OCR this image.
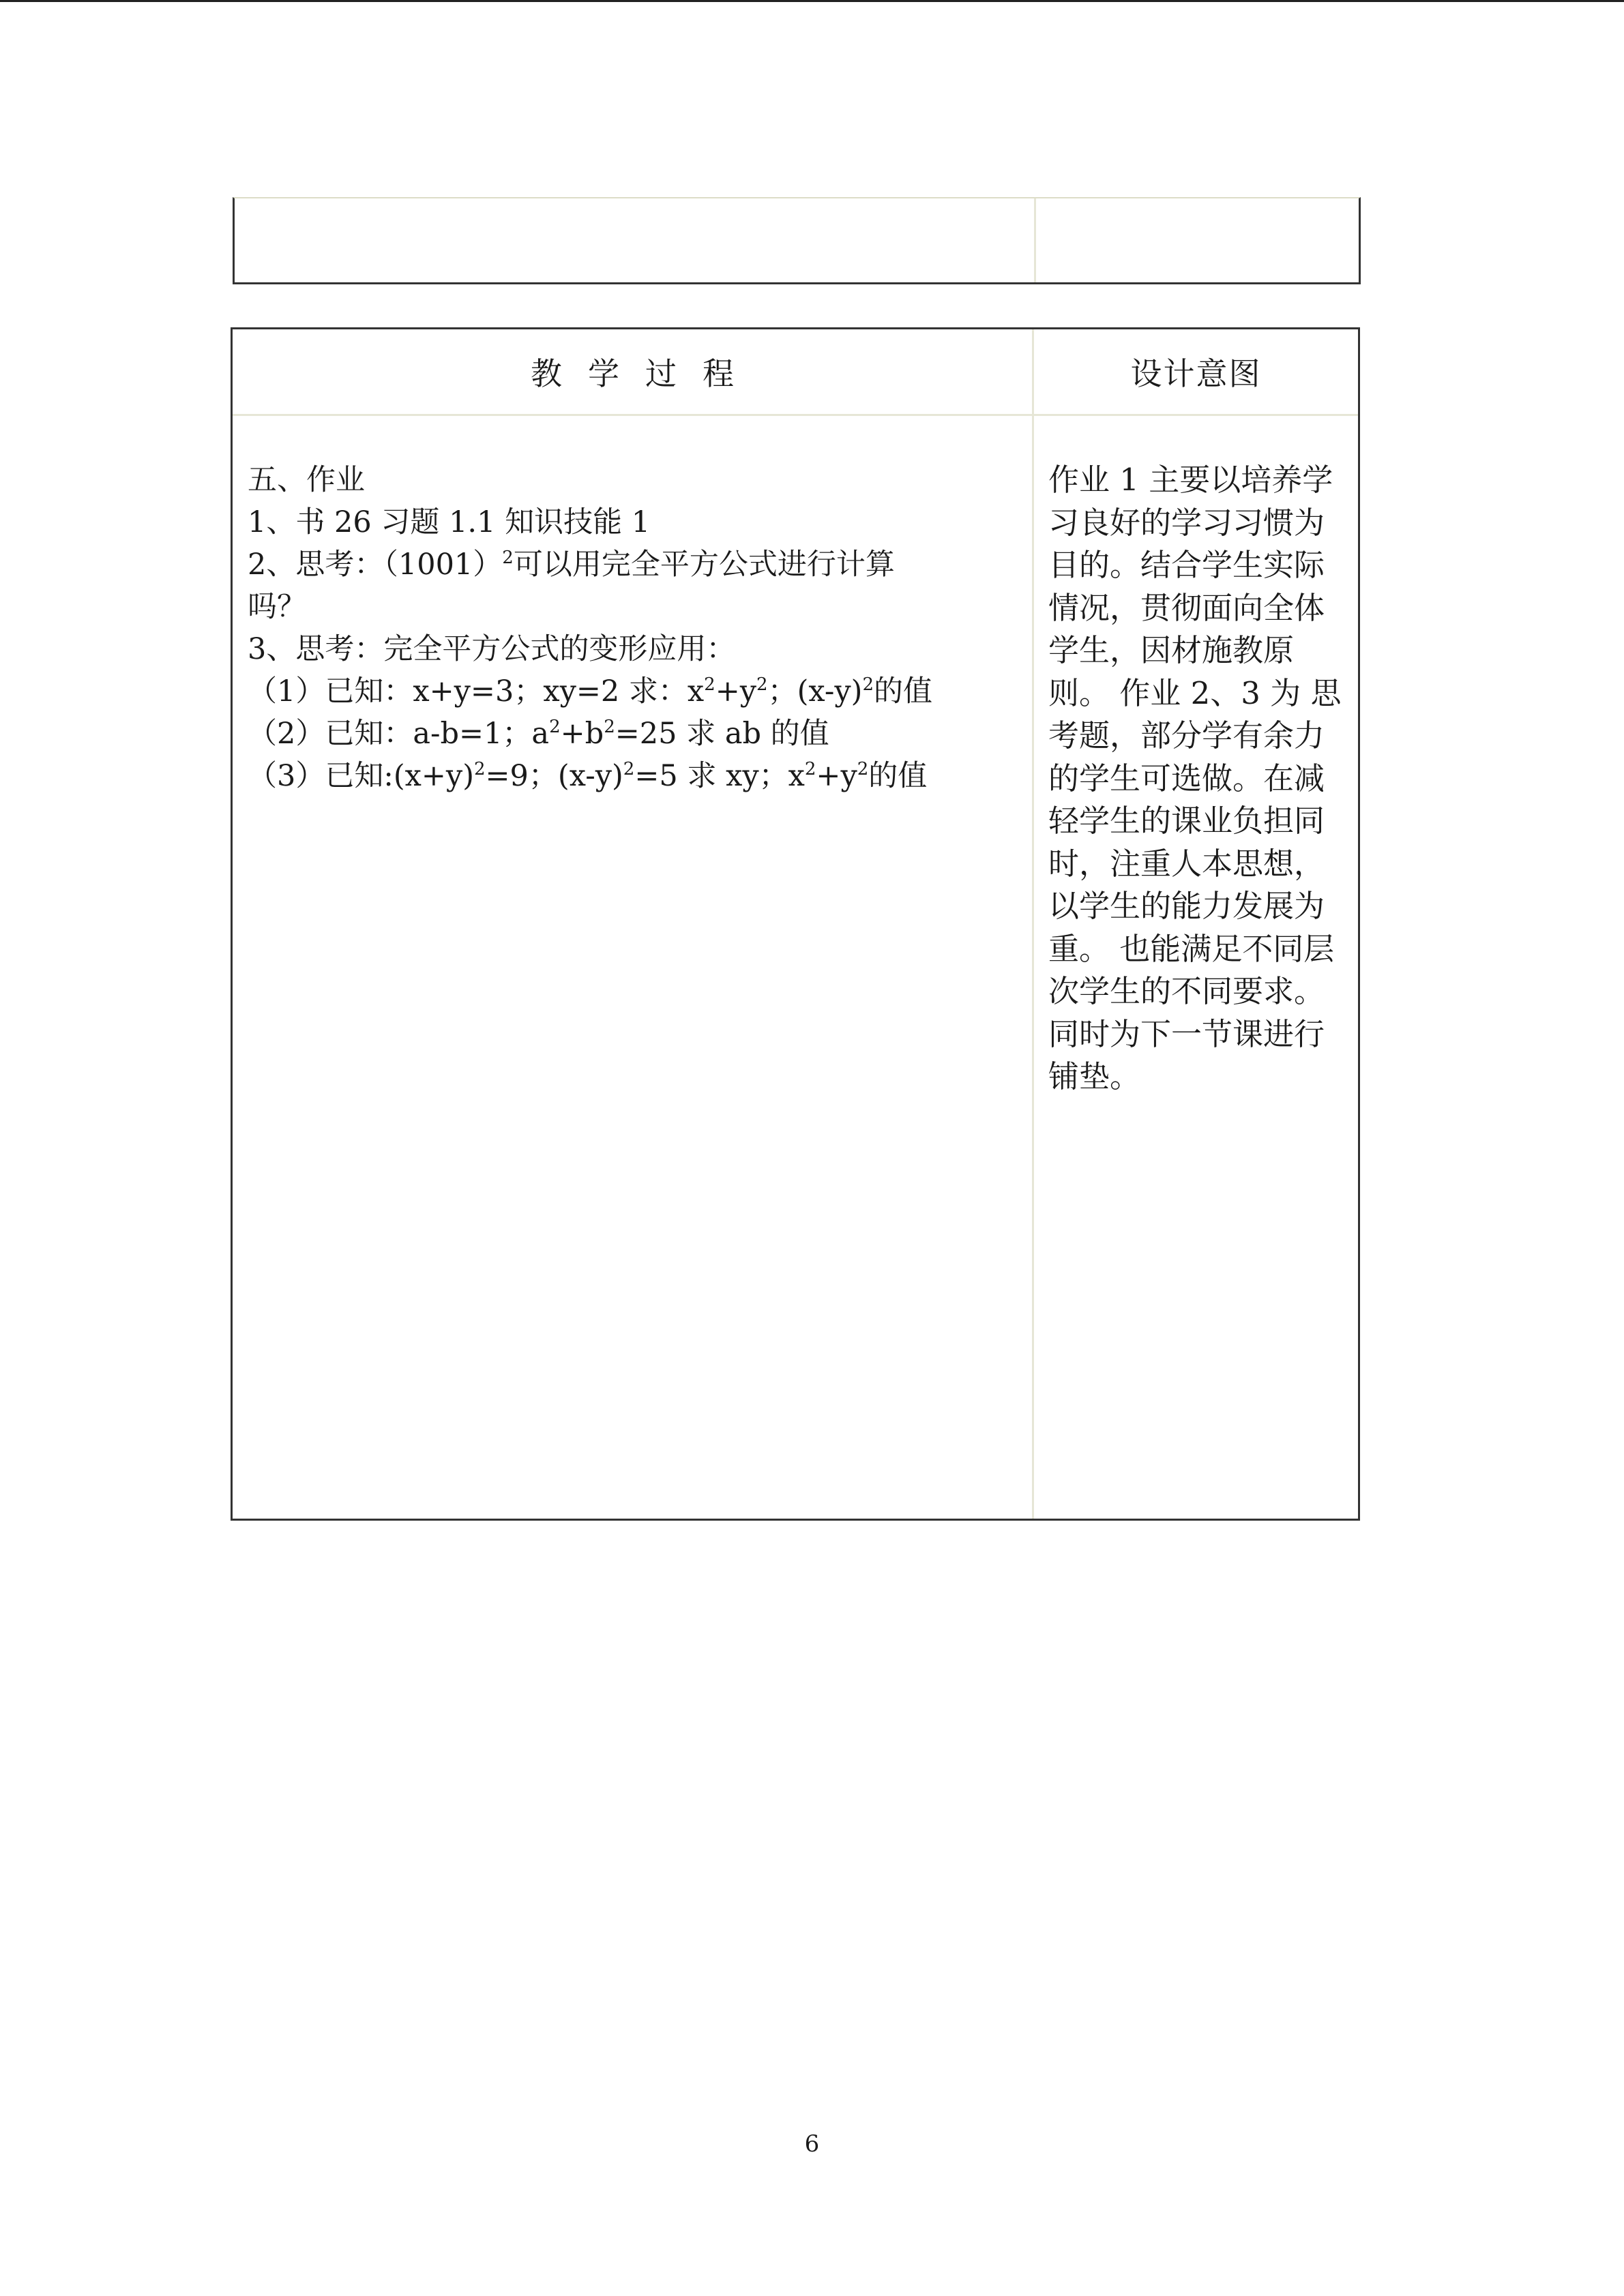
教学过程	设计意图
五、作业
1、书 26 习题 1.1 知识技能 1
2、思考：$(1001)^2$可以用完全平方公式进行计算
吗？
3、思考：完全平方公式的变形应用：
（1）已知：x+y=3；xy=2 求：$x^2+y^2$；$(x-y)^2$的值
（2）已知：a-b=1；$a^2+b^2=25$ 求 ab 的值
（3）已知$:(x+y)^2=9$；$(x-y)^2=5$ 求 xy；$x^2+y^2$的值
作业 1 主要以培养学习良好的学习习惯为目的。结合学生实际情况，贯彻面向全体学生，因材施教原则。 作业 2、3 为 思考题，部分学有余力的学生可选做。在减轻学生的课业负担同时，注重人本思想，以学生的能力发展为重。 也能满足不同层次学生的不同要求。同时为下一节课进行铺垫。
6
